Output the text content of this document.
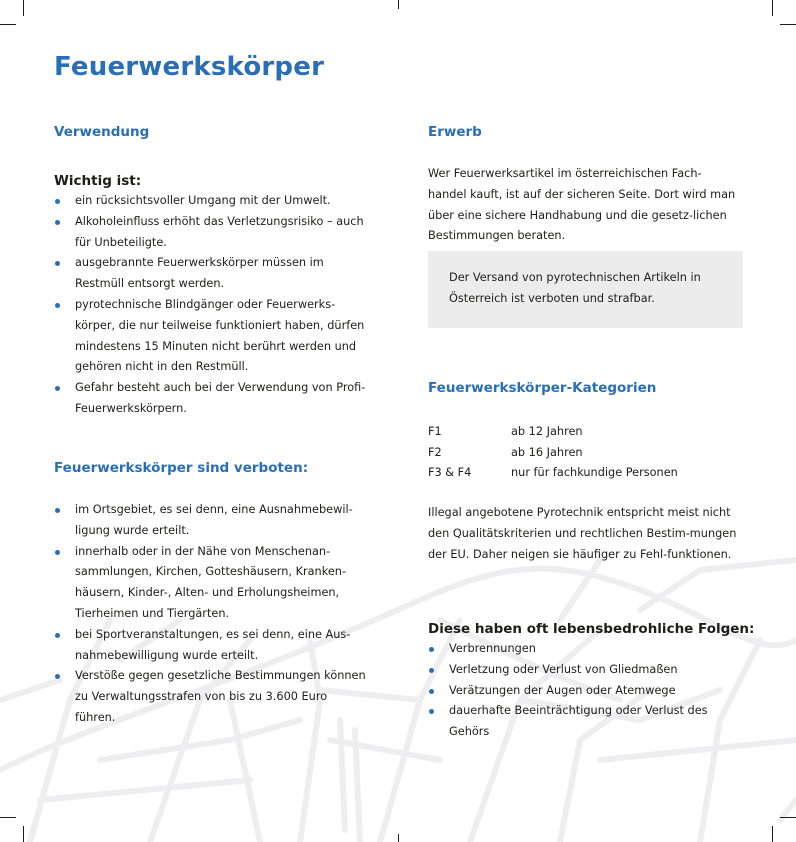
Feuerwerkskörper
Verwendung
Wichtig ist:
ein rücksichtsvoller Umgang mit der Umwelt.
Alkoholeinfluss erhöht das Verletzungsrisiko – auch für Unbeteiligte.
ausgebrannte Feuerwerkskörper müssen im Restmüll entsorgt werden.
pyrotechnische Blindgänger oder Feuerwerks-körper, die nur teilweise funktioniert haben, dürfen mindestens 15 Minuten nicht berührt werden und gehören nicht in den Restmüll.
Gefahr besteht auch bei der Verwendung von Profi-Feuerwerkskörpern.
Feuerwerkskörper sind verboten:
im Ortsgebiet, es sei denn, eine Ausnahmebewil-ligung wurde erteilt.
innerhalb oder in der Nähe von Menschenan-sammlungen, Kirchen, Gotteshäusern, Kranken-häusern, Kinder-, Alten- und Erholungsheimen, Tierheimen und Tiergärten.
bei Sportveranstaltungen, es sei denn, eine Aus-nahmebewilligung wurde erteilt.
Verstöße gegen gesetzliche Bestimmungen können zu Verwaltungsstrafen von bis zu 3.600 Euro führen.
Erwerb

Wer Feuerwerksartikel im österreichischen Fach-handel kauft, ist auf der sicheren Seite. Dort wird man über eine sichere Handhabung und die gesetz-lichen Bestimmungen beraten.

Der Versand von pyrotechnischen Artikeln in Österreich ist verboten und strafbar.
Feuerwerkskörper-Kategorien
F1	ab 12 Jahren
F2	ab 16 Jahren
F3 & F4	nur für fachkundige Personen

Illegal angebotene Pyrotechnik entspricht meist nicht den Qualitätskriterien und rechtlichen Bestim-mungen der EU. Daher neigen sie häufiger zu Fehl-funktionen.

Diese haben oft lebensbedrohliche Folgen:
Verbrennungen
Verletzung oder Verlust von Gliedmaßen
Verätzungen der Augen oder Atemwege
dauerhafte Beeinträchtigung oder Verlust des Gehörs
